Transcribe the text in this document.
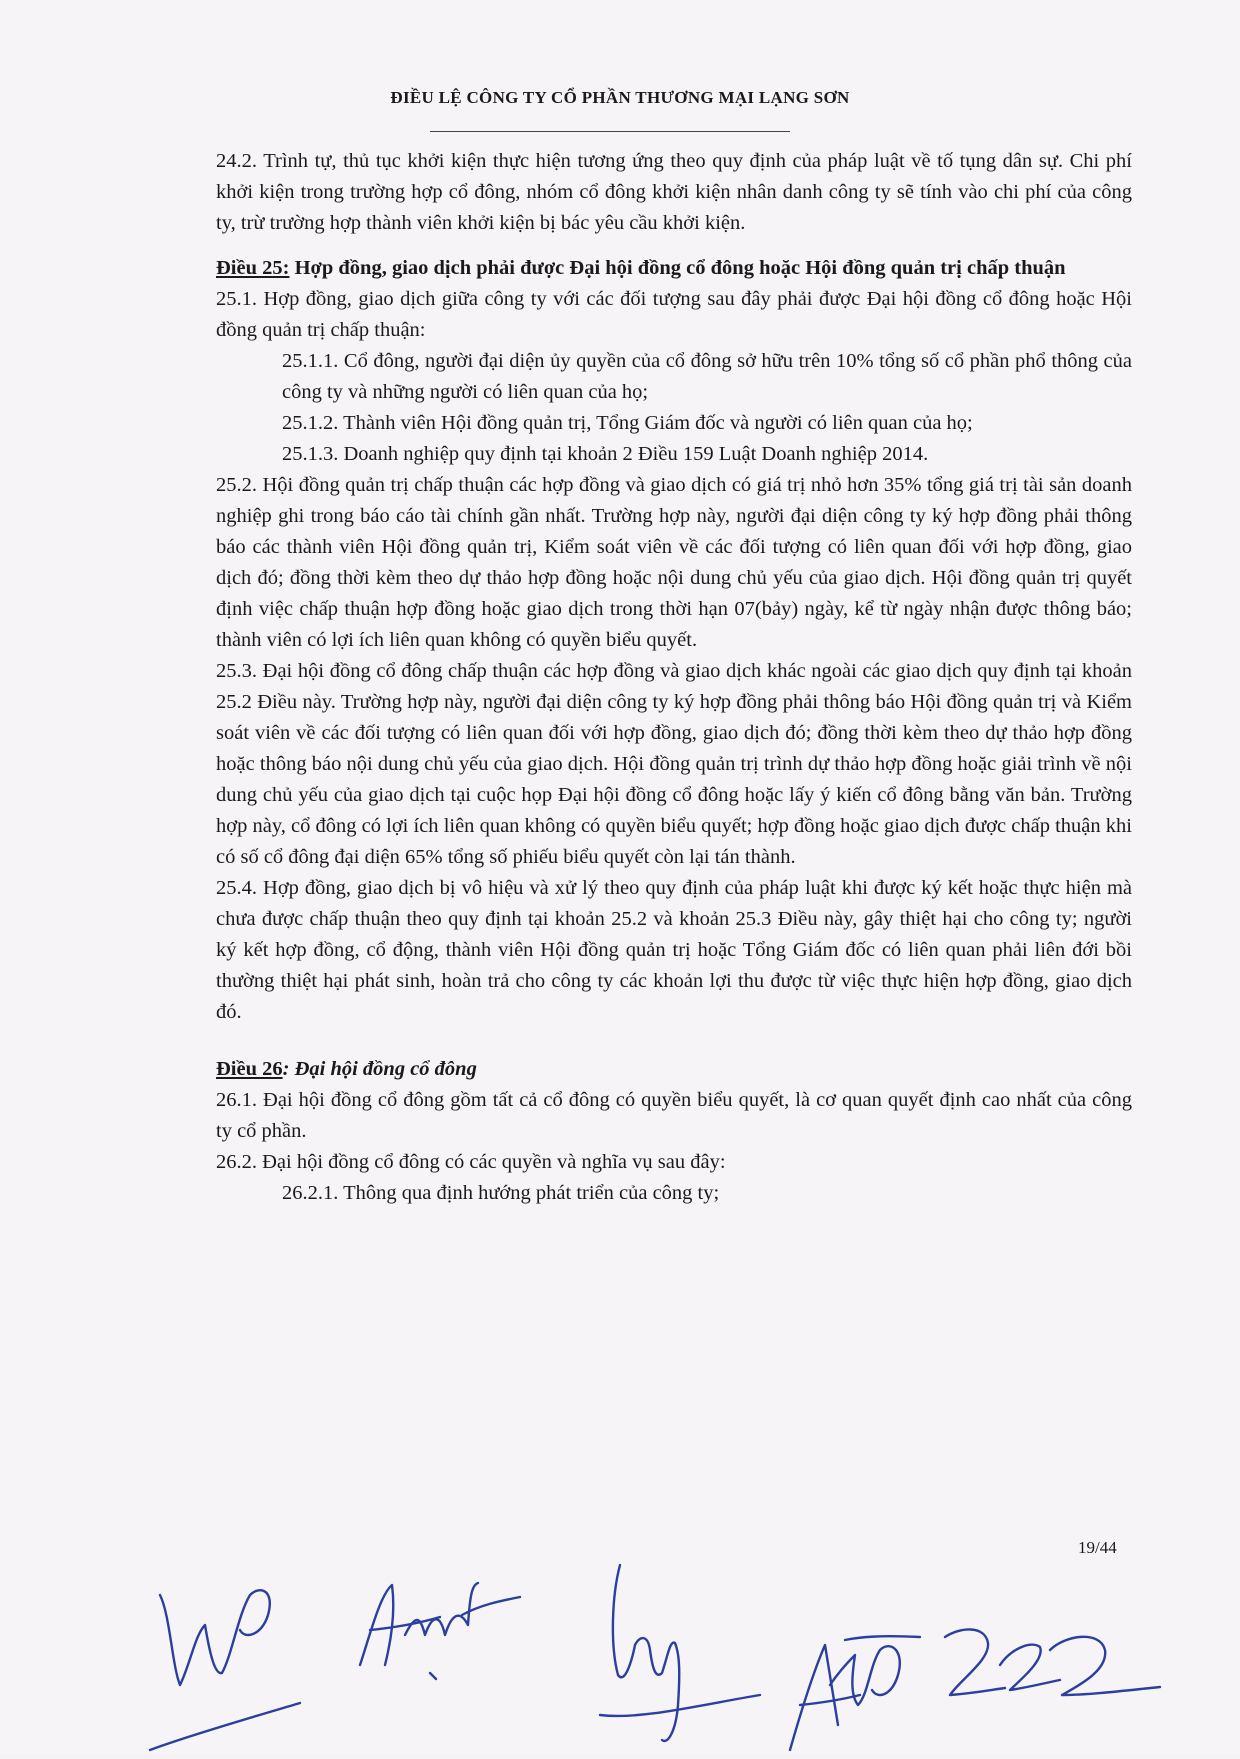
ĐIỀU LỆ CÔNG TY CỔ PHẦN THƯƠNG MẠI LẠNG SƠN

24.2. Trình tự, thủ tục khởi kiện thực hiện tương ứng theo quy định của pháp luật về tố tụng dân sự. Chi phí khởi kiện trong trường hợp cổ đông, nhóm cổ đông khởi kiện nhân danh công ty sẽ tính vào chi phí của công ty, trừ trường hợp thành viên khởi kiện bị bác yêu cầu khởi kiện.

Điều 25: Hợp đồng, giao dịch phải được Đại hội đồng cổ đông hoặc Hội đồng quản trị chấp thuận

25.1. Hợp đồng, giao dịch giữa công ty với các đối tượng sau đây phải được Đại hội đồng cổ đông hoặc Hội đồng quản trị chấp thuận:

25.1.1. Cổ đông, người đại diện ủy quyền của cổ đông sở hữu trên 10% tổng số cổ phần phổ thông của công ty và những người có liên quan của họ;

25.1.2. Thành viên Hội đồng quản trị, Tổng Giám đốc và người có liên quan của họ;

25.1.3. Doanh nghiệp quy định tại khoản 2 Điều 159 Luật Doanh nghiệp 2014.

25.2. Hội đồng quản trị chấp thuận các hợp đồng và giao dịch có giá trị nhỏ hơn 35% tổng giá trị tài sản doanh nghiệp ghi trong báo cáo tài chính gần nhất. Trường hợp này, người đại diện công ty ký hợp đồng phải thông báo các thành viên Hội đồng quản trị, Kiểm soát viên về các đối tượng có liên quan đối với hợp đồng, giao dịch đó; đồng thời kèm theo dự thảo hợp đồng hoặc nội dung chủ yếu của giao dịch. Hội đồng quản trị quyết định việc chấp thuận hợp đồng hoặc giao dịch trong thời hạn 07(bảy) ngày, kể từ ngày nhận được thông báo; thành viên có lợi ích liên quan không có quyền biểu quyết.

25.3. Đại hội đồng cổ đông chấp thuận các hợp đồng và giao dịch khác ngoài các giao dịch quy định tại khoản 25.2 Điều này. Trường hợp này, người đại diện công ty ký hợp đồng phải thông báo Hội đồng quản trị và Kiểm soát viên về các đối tượng có liên quan đối với hợp đồng, giao dịch đó; đồng thời kèm theo dự thảo hợp đồng hoặc thông báo nội dung chủ yếu của giao dịch. Hội đồng quản trị trình dự thảo hợp đồng hoặc giải trình về nội dung chủ yếu của giao dịch tại cuộc họp Đại hội đồng cổ đông hoặc lấy ý kiến cổ đông bằng văn bản. Trường hợp này, cổ đông có lợi ích liên quan không có quyền biểu quyết; hợp đồng hoặc giao dịch được chấp thuận khi có số cổ đông đại diện 65% tổng số phiếu biểu quyết còn lại tán thành.

25.4. Hợp đồng, giao dịch bị vô hiệu và xử lý theo quy định của pháp luật khi được ký kết hoặc thực hiện mà chưa được chấp thuận theo quy định tại khoản 25.2 và khoản 25.3 Điều này, gây thiệt hại cho công ty; người ký kết hợp đồng, cổ động, thành viên Hội đồng quản trị hoặc Tổng Giám đốc có liên quan phải liên đới bồi thường thiệt hại phát sinh, hoàn trả cho công ty các khoản lợi thu được từ việc thực hiện hợp đồng, giao dịch đó.

Điều 26: Đại hội đồng cổ đông

26.1. Đại hội đồng cổ đông gồm tất cả cổ đông có quyền biểu quyết, là cơ quan quyết định cao nhất của công ty cổ phần.

26.2. Đại hội đồng cổ đông có các quyền và nghĩa vụ sau đây:

26.2.1. Thông qua định hướng phát triển của công ty;

19/44
